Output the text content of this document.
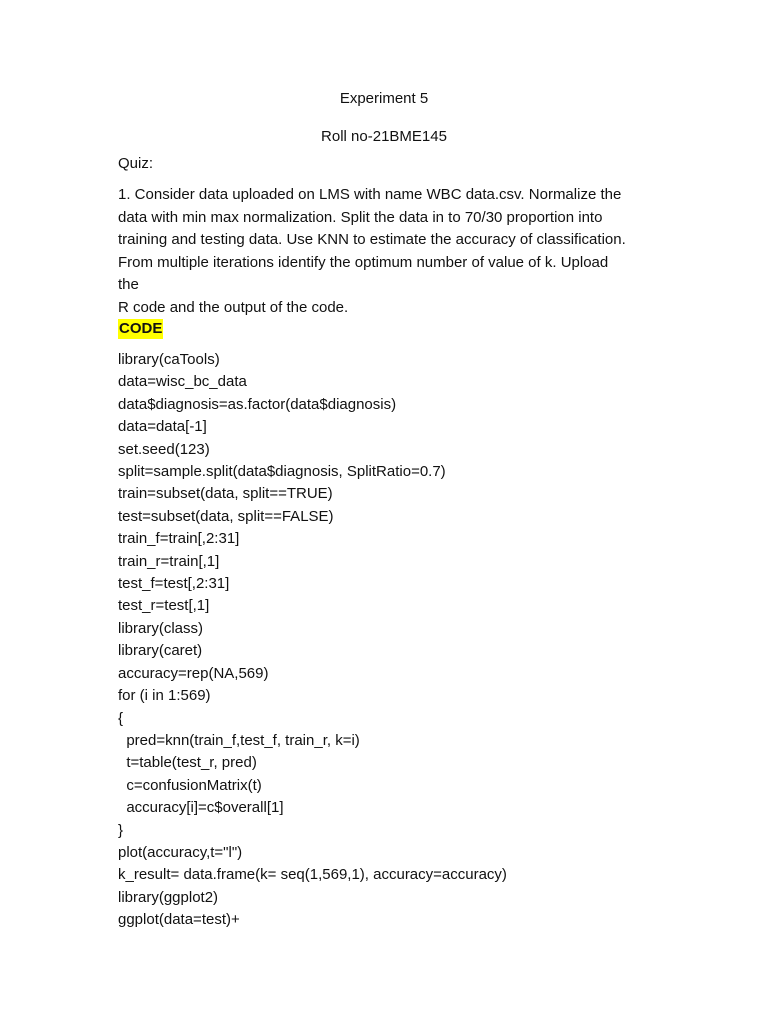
Experiment 5
Roll no-21BME145
Quiz:
1. Consider data uploaded on LMS with name WBC data.csv. Normalize the
data with min max normalization. Split the data in to 70/30 proportion into
training and testing data. Use KNN to estimate the accuracy of classification.
From multiple iterations identify the optimum number of value of k. Upload
the
R code and the output of the code.
CODE
library(caTools)
data=wisc_bc_data
data$diagnosis=as.factor(data$diagnosis)
data=data[-1]
set.seed(123)
split=sample.split(data$diagnosis, SplitRatio=0.7)
train=subset(data, split==TRUE)
test=subset(data, split==FALSE)
train_f=train[,2:31]
train_r=train[,1]
test_f=test[,2:31]
test_r=test[,1]
library(class)
library(caret)
accuracy=rep(NA,569)
for (i in 1:569)
{
pred=knn(train_f,test_f, train_r, k=i)
t=table(test_r, pred)
c=confusionMatrix(t)
accuracy[i]=c$overall[1]
}
plot(accuracy,t="l")
k_result= data.frame(k= seq(1,569,1), accuracy=accuracy)
library(ggplot2)
ggplot(data=test)+
